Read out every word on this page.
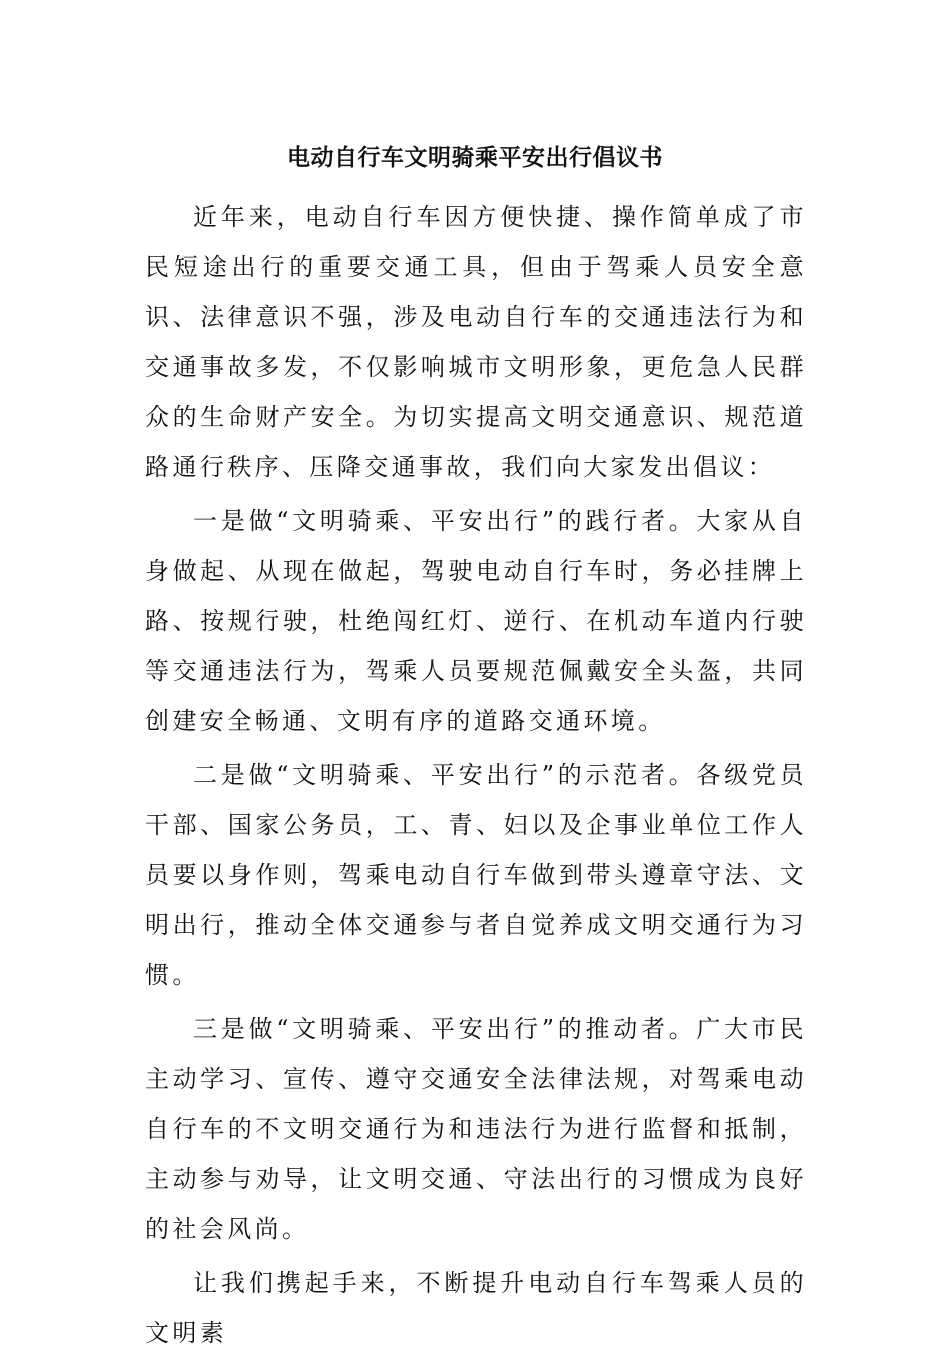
电动自行车文明骑乘平安出行倡议书

近年来，电动自行车因方便快捷、操作简单成了市民短途出行的重要交通工具，但由于驾乘人员安全意识、法律意识不强，涉及电动自行车的交通违法行为和交通事故多发，不仅影响城市文明形象，更危急人民群众的生命财产安全。为切实提高文明交通意识、规范道路通行秩序、压降交通事故，我们向大家发出倡议：

一是做“文明骑乘、平安出行”的践行者。大家从自身做起、从现在做起，驾驶电动自行车时，务必挂牌上路、按规行驶，杜绝闯红灯、逆行、在机动车道内行驶等交通违法行为，驾乘人员要规范佩戴安全头盔，共同创建安全畅通、文明有序的道路交通环境。

二是做“文明骑乘、平安出行”的示范者。各级党员干部、国家公务员，工、青、妇以及企事业单位工作人员要以身作则，驾乘电动自行车做到带头遵章守法、文明出行，推动全体交通参与者自觉养成文明交通行为习惯。

三是做“文明骑乘、平安出行”的推动者。广大市民主动学习、宣传、遵守交通安全法律法规，对驾乘电动自行车的不文明交通行为和违法行为进行监督和抵制，主动参与劝导，让文明交通、守法出行的习惯成为良好的社会风尚。

让我们携起手来，不断提升电动自行车驾乘人员的文明素
